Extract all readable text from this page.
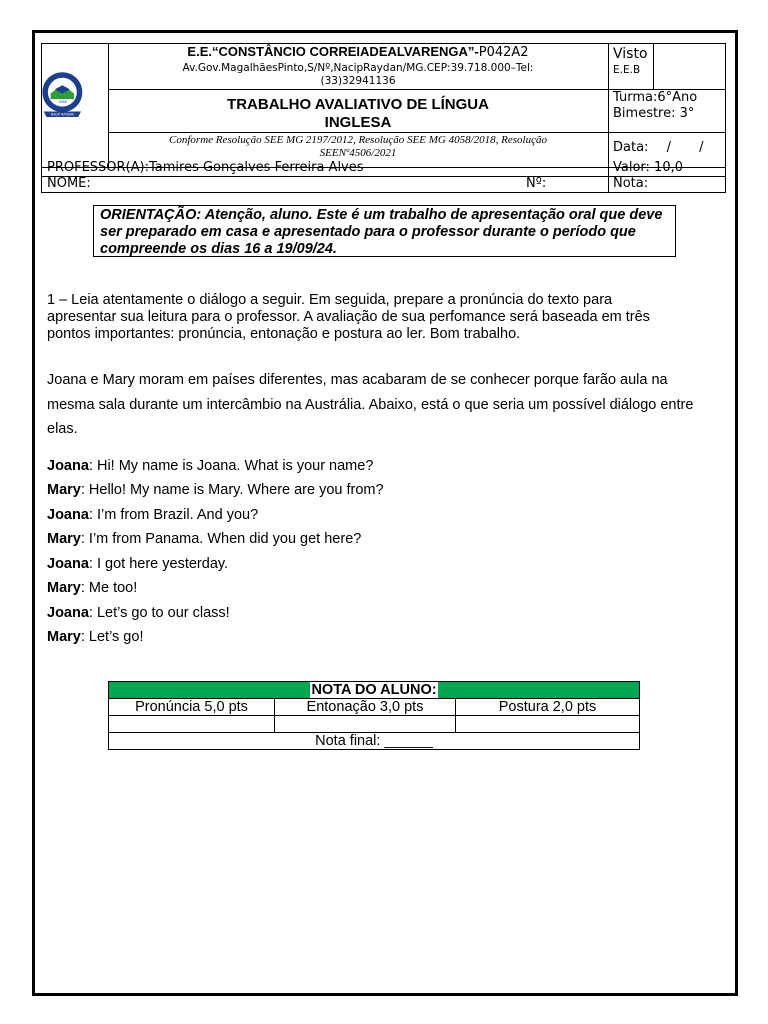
1966
NACIP RAYDAN
E.E.“CONSTÂNCIO CORREIADEALVARENGA”-P042A2
Av.Gov.MagalhãesPinto,S/Nº,NacipRaydan/MG.CEP:39.718.000–Tel:
(33)32941136
TRABALHO AVALIATIVO DE LÍNGUA
INGLESA
Conforme Resolução SEE MG 2197/2012, Resolução SEE MG 4058/2018, Resolução
SEENº4506/2021
Visto
E.E.B
Turma:6°Ano
Bimestre: 3°
Data: / /
PROFESSOR(A):Tamires Gonçalves Ferreira Alves	Valor: 10,0
NOME:	Nº:	Nota:
ORIENTAÇÃO: Atenção, aluno. Este é um trabalho de apresentação oral que deve ser preparado em casa e apresentado para o professor durante o período que compreende os dias 16 a 19/09/24.
1 – Leia atentamente o diálogo a seguir. Em seguida, prepare a pronúncia do texto para
apresentar sua leitura para o professor. A avaliação de sua perfomance será baseada em três
pontos importantes: pronúncia, entonação e postura ao ler. Bom trabalho.
Joana e Mary moram em países diferentes, mas acabaram de se conhecer porque farão aula na
mesma sala durante um intercâmbio na Austrália. Abaixo, está o que seria um possível diálogo entre
elas.
Joana: Hi! My name is Joana. What is your name?
Mary: Hello! My name is Mary. Where are you from?
Joana: I’m from Brazil. And you?
Mary: I’m from Panama. When did you get here?
Joana: I got here yesterday.
Mary: Me too!
Joana: Let’s go to our class!
Mary: Let’s go!
NOTA DO ALUNO:		
Pronúncia 5,0 pts	Entonação 3,0 pts	Postura 2,0 pts

Nota final: ______		
